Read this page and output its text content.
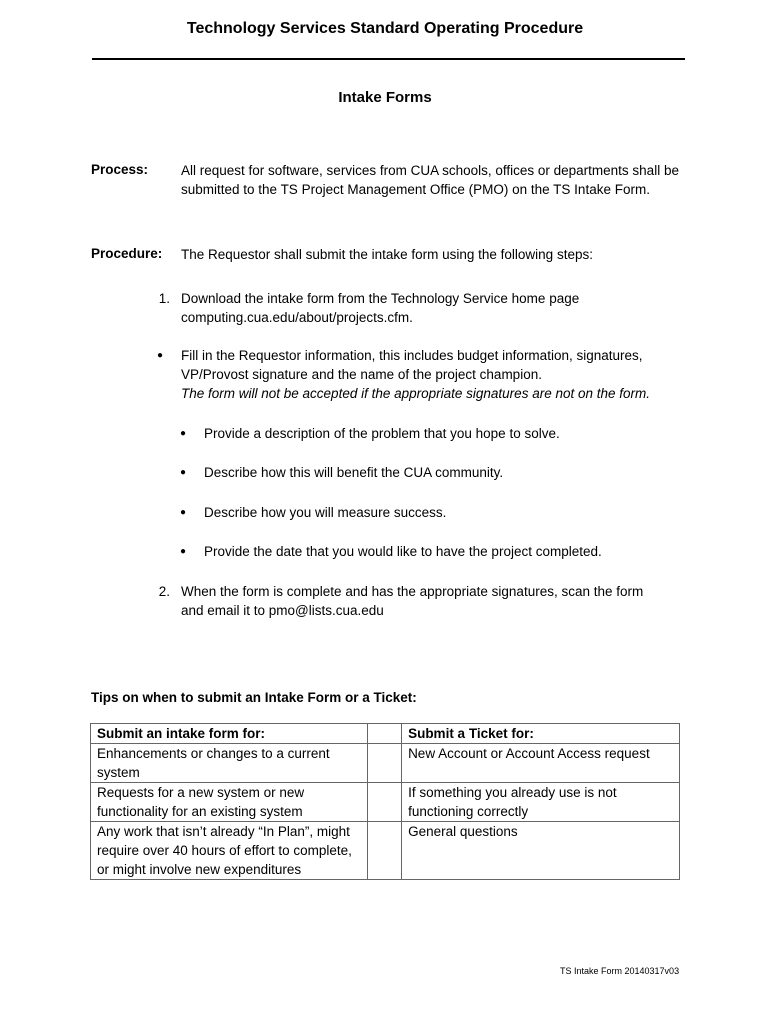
Technology Services Standard Operating Procedure
Intake Forms
Process: All request for software, services from CUA schools, offices or departments shall be submitted to the TS Project Management Office (PMO) on the TS Intake Form.
Procedure: The Requestor shall submit the intake form using the following steps:
1. Download the intake form from the Technology Service home page
computing.cua.edu/about/projects.cfm.
● Fill in the Requestor information, this includes budget information, signatures,
VP/Provost signature and the name of the project champion.
The form will not be accepted if the appropriate signatures are not on the form.
● Provide a description of the problem that you hope to solve.
● Describe how this will benefit the CUA community.
● Describe how you will measure success.
● Provide the date that you would like to have the project completed.
2. When the form is complete and has the appropriate signatures, scan the form
and email it to pmo@lists.cua.edu
Tips on when to submit an Intake Form or a Ticket:
Submit an intake form for:		Submit a Ticket for:
Enhancements or changes to a current system		New Account or Account Access request
Requests for a new system or new functionality for an existing system		If something you already use is not functioning correctly
Any work that isn’t already “In Plan”, might require over 40 hours of effort to complete, or might involve new expenditures		General questions
TS Intake Form 20140317v03
